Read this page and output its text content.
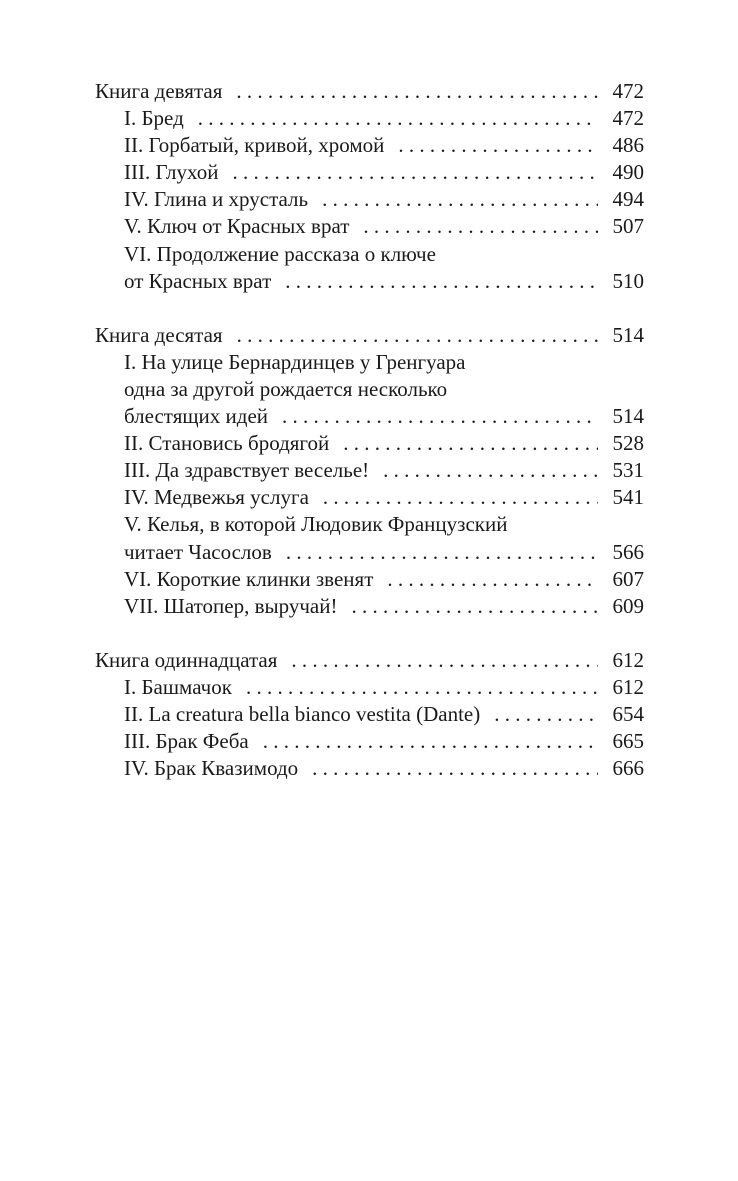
Книга девятая . . .	472
I. Бред . . .	472
II. Горбатый, кривой, хромой . . .	486
III. Глухой . . .	490
IV. Глина и хрусталь . . .	494
V. Ключ от Красных врат . . .	507
VI. Продолжение рассказа о ключе
от Красных врат . . .	510
Книга десятая . . .	514
I. На улице Бернардинцев у Гренгуара
одна за другой рождается несколько
блестящих идей . . .	514
II. Становись бродягой . . .	528
III. Да здравствует веселье! . . .	531
IV. Медвежья услуга . . .	541
V. Келья, в которой Людовик Французский
читает Часослов . . .	566
VI. Короткие клинки звенят . . .	607
VII. Шатопер, выручай! . . .	609
Книга одиннадцатая . . .	612
I. Башмачок . . .	612
II. La creatura bella bianco vestita (Dante) . . .	654
III. Брак Феба . . .	665
IV. Брак Квазимодо . . .	666
